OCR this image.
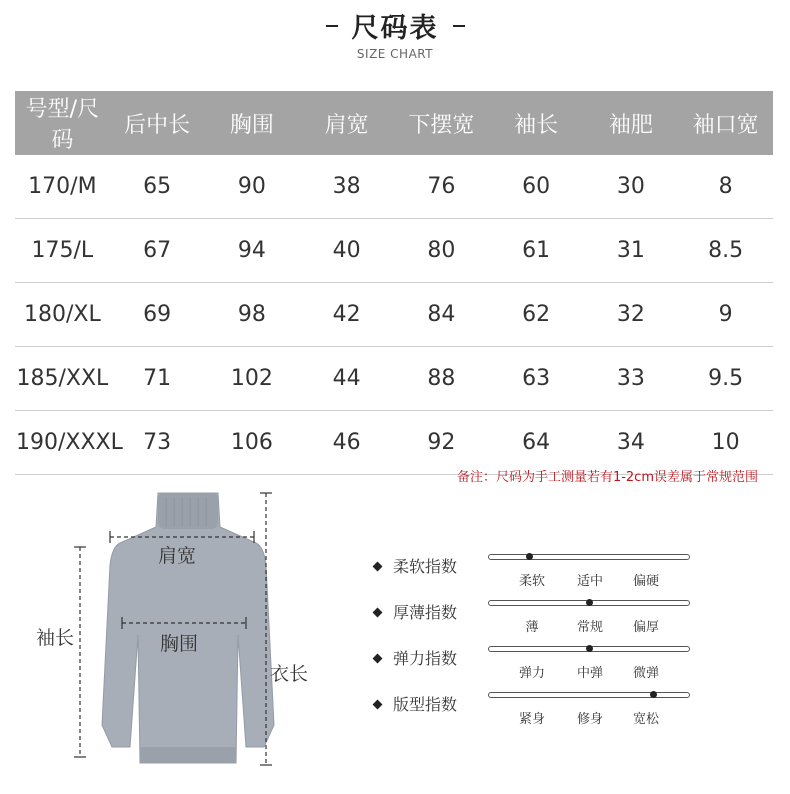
尺码表
SIZE CHART
号型/尺码	后中长	胸围	肩宽	下摆宽	袖长	袖肥	袖口宽
170/M	65	90	38	76	60	30	8
175/L	67	94	40	80	61	31	8.5
180/XL	69	98	42	84	62	32	9
185/XXL	71	102	44	88	63	33	9.5
190/XXXL	73	106	46	92	64	34	10
备注：尺码为手工测量若有1-2cm误差属于常规范围
肩宽
胸围
袖长
衣长
柔软指数
柔软	适中	偏硬
厚薄指数
薄	常规	偏厚
弹力指数
弹力	中弹	微弹
版型指数
紧身	修身	宽松
